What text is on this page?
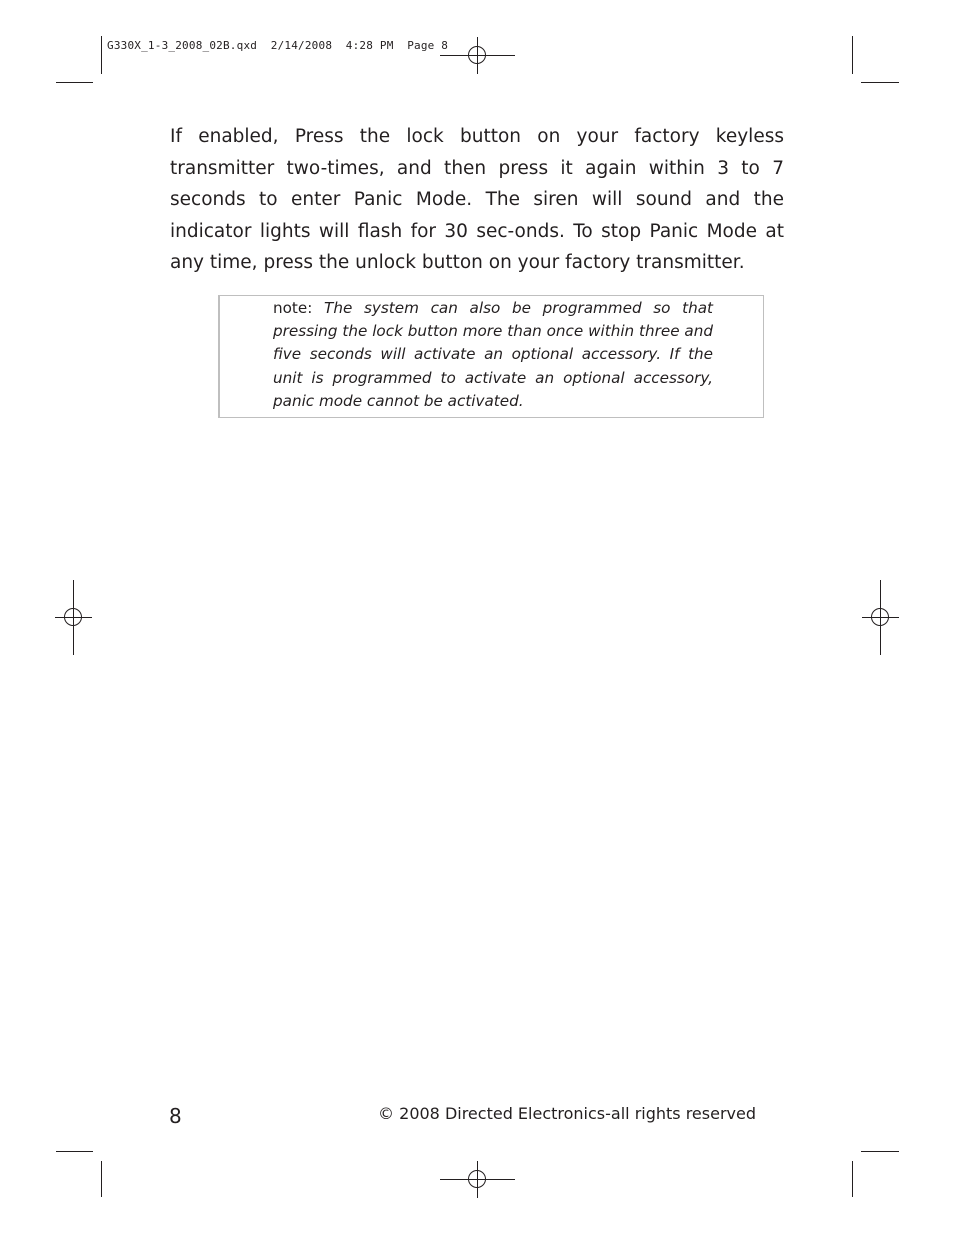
G330X_1-3_2008_02B.qxd  2/14/2008  4:28 PM  Page 8

If enabled, Press the lock button on your factory keyless transmitter two-times, and then press it again within 3 to 7 seconds to enter Panic Mode. The siren will sound and the indicator lights will flash for 30 sec-onds. To stop Panic Mode at any time, press the unlock button on your factory transmitter.

note: The system can also be programmed so that pressing the lock button more than once within three and five seconds will activate an optional accessory. If the unit is programmed to activate an optional accessory, panic mode cannot be activated.

8	© 2008 Directed Electronics-all rights reserved
